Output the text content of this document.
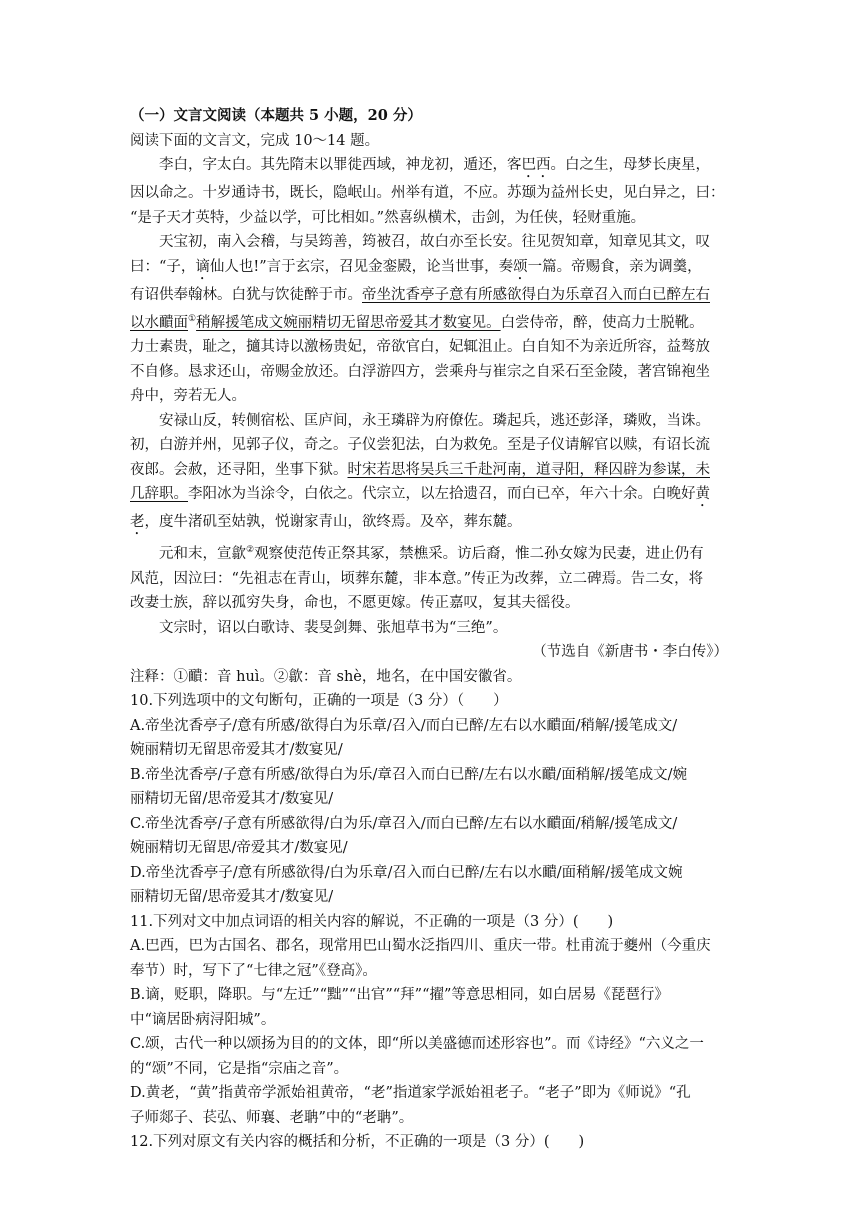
（一）文言文阅读（本题共 5 小题，20 分）
阅读下面的文言文，完成 10～14 题。
李白，字太白。其先隋末以罪徙西域，神龙初，遁还，客巴西。白之生，母梦长庚星，
因以命之。十岁通诗书，既长，隐岷山。州举有道，不应。苏颋为益州长史，见白异之，曰：
“是子天才英特，少益以学，可比相如。”然喜纵横术，击剑，为任侠，轻财重施。
天宝初，南入会稽，与吴筠善，筠被召，故白亦至长安。往见贺知章，知章见其文，叹
曰：“子，谪仙人也!”言于玄宗，召见金銮殿，论当世事，奏颂一篇。帝赐食，亲为调羹，
有诏供奉翰林。白犹与饮徒醉于市。帝坐沈香亭子意有所感欲得白为乐章召入而白已醉左右
以水靧面①稍解援笔成文婉丽精切无留思帝爱其才数宴见。白尝侍帝，醉，使高力士脱靴。
力士素贵，耻之，擿其诗以激杨贵妃，帝欲官白，妃辄沮止。白自知不为亲近所容，益骜放
不自修。恳求还山，帝赐金放还。白浮游四方，尝乘舟与崔宗之自采石至金陵，著宫锦袍坐
舟中，旁若无人。
安禄山反，转侧宿松、匡庐间，永王璘辟为府僚佐。璘起兵，逃还彭泽，璘败，当诛。
初，白游并州，见郭子仪，奇之。子仪尝犯法，白为救免。至是子仪请解官以赎，有诏长流
夜郎。会赦，还寻阳，坐事下狱。时宋若思将吴兵三千赴河南，道寻阳，释囚辟为参谋，未
几辞职。李阳冰为当涂令，白依之。代宗立，以左拾遗召，而白已卒，年六十余。白晚好黄
老，度牛渚矶至姑孰，悦谢家青山，欲终焉。及卒，葬东麓。
元和末，宣歙②观察使范传正祭其冢，禁樵采。访后裔，惟二孙女嫁为民妻，进止仍有
风范，因泣曰：“先祖志在青山，顷葬东麓，非本意。”传正为改葬，立二碑焉。告二女，将
改妻士族，辞以孤穷失身，命也，不愿更嫁。传正嘉叹，复其夫徭役。
文宗时，诏以白歌诗、裴旻剑舞、张旭草书为“三绝”。
（节选自《新唐书・李白传》）
注释：①靧：音 huì。②歙：音 shè，地名，在中国安徽省。
10.下列选项中的文句断句，正确的一项是（3 分）（　　）
A.帝坐沈香亭子/意有所感/欲得白为乐章/召入/而白已醉/左右以水靧面/稍解/援笔成文/
婉丽精切无留思帝爱其才/数宴见/
B.帝坐沈香亭/子意有所感/欲得白为乐/章召入而白已醉/左右以水靧/面稍解/援笔成文/婉
丽精切无留/思帝爱其才/数宴见/
C.帝坐沈香亭/子意有所感欲得/白为乐/章召入/而白已醉/左右以水靧面/稍解/援笔成文/
婉丽精切无留思/帝爱其才/数宴见/
D.帝坐沈香亭子/意有所感欲得/白为乐章/召入而白已醉/左右以水靧/面稍解/援笔成文婉
丽精切无留/思帝爱其才/数宴见/
11.下列对文中加点词语的相关内容的解说，不正确的一项是（3 分）(　　)
A.巴西，巴为古国名、郡名，现常用巴山蜀水泛指四川、重庆一带。杜甫流于夔州（今重庆
奉节）时，写下了“七律之冠”《登高》。
B.谪，贬职，降职。与“左迁”“黜”“出官”“拜”“擢”等意思相同，如白居易《琵琶行》
中“谪居卧病浔阳城”。
C.颂，古代一种以颂扬为目的的文体，即“所以美盛德而述形容也”。而《诗经》“六义之一
的“颂”不同，它是指“宗庙之音”。
D.黄老，“黄”指黄帝学派始祖黄帝，“老”指道家学派始祖老子。“老子”即为《师说》“孔
子师郯子、苌弘、师襄、老聃”中的“老聃”。
12.下列对原文有关内容的概括和分析，不正确的一项是（3 分）(　　)
